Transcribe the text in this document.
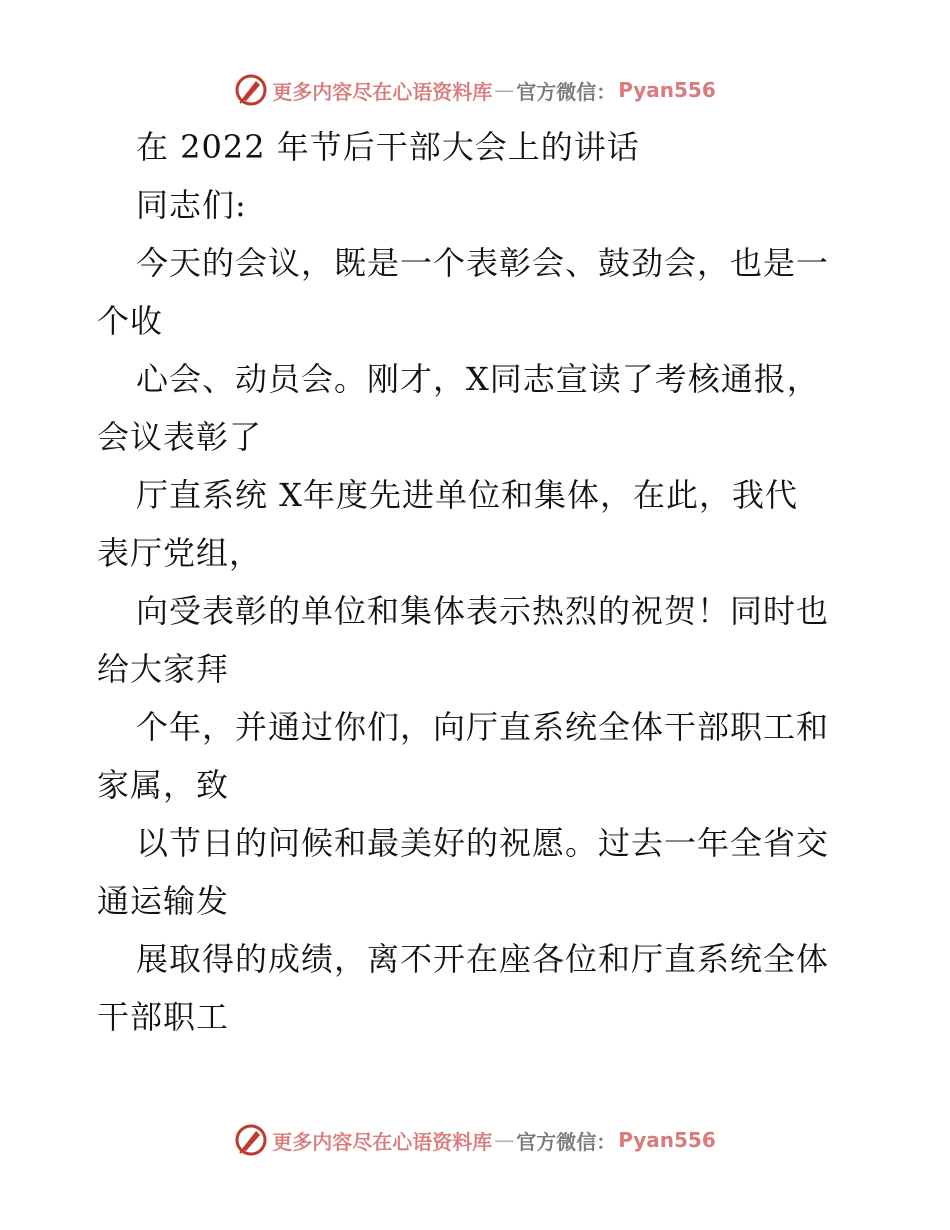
更多内容尽在心语资料库 — 官方微信： Pyan556
在 2022 年节后干部大会上的讲话
同志们:
今天的会议，既是一个表彰会、鼓劲会，也是一
个收
心会、动员会。刚才，X同志宣读了考核通报，
会议表彰了
厅直系统 X年度先进单位和集体，在此，我代
表厅党组，
向受表彰的单位和集体表示热烈的祝贺！同时也
给大家拜
个年，并通过你们，向厅直系统全体干部职工和
家属，致
以节日的问候和最美好的祝愿。过去一年全省交
通运输发
展取得的成绩，离不开在座各位和厅直系统全体
干部职工
更多内容尽在心语资料库 — 官方微信： Pyan556
